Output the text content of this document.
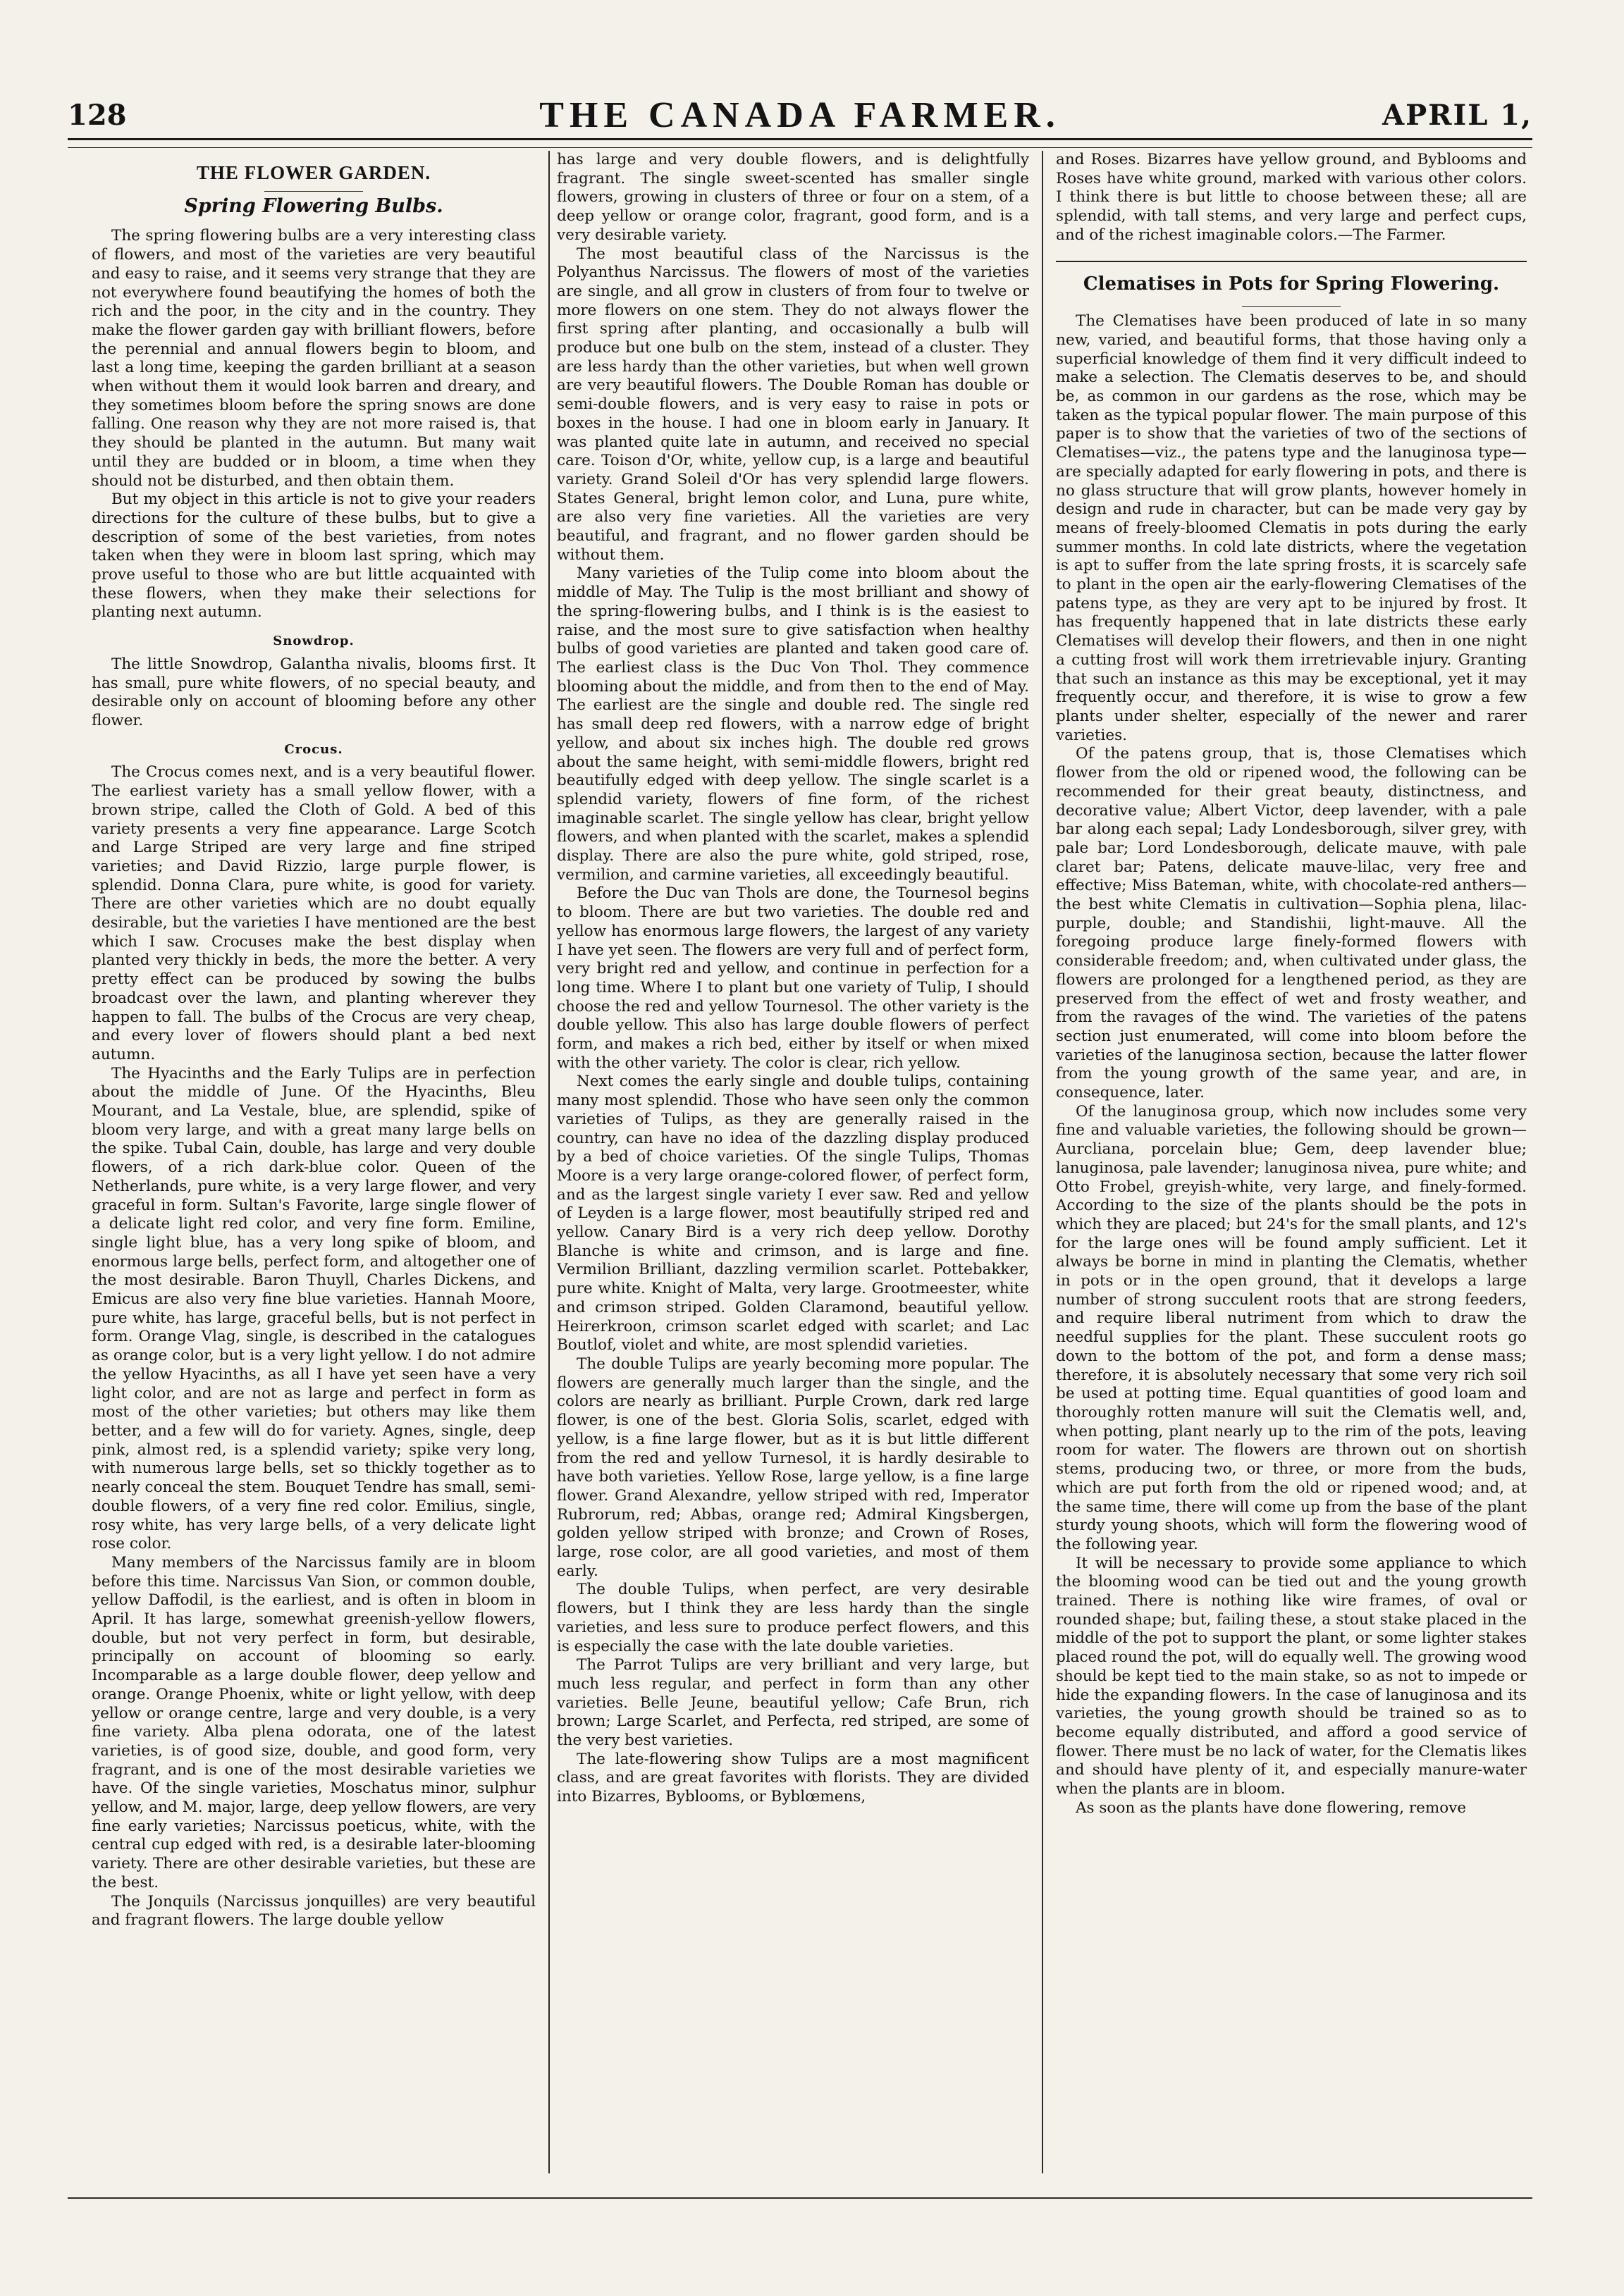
128	THE CANADA FARMER.	APRIL 1,
THE FLOWER GARDEN.
Spring Flowering Bulbs.

The spring flowering bulbs are a very interesting class of flowers, and most of the varieties are very beautiful and easy to raise, and it seems very strange that they are not everywhere found beautifying the homes of both the rich and the poor, in the city and in the country. They make the flower garden gay with brilliant flowers, before the perennial and annual flowers begin to bloom, and last a long time, keeping the garden brilliant at a season when without them it would look barren and dreary, and they sometimes bloom before the spring snows are done falling. One reason why they are not more raised is, that they should be planted in the autumn. But many wait until they are budded or in bloom, a time when they should not be disturbed, and then obtain them.

But my object in this article is not to give your readers directions for the culture of these bulbs, but to give a description of some of the best varieties, from notes taken when they were in bloom last spring, which may prove useful to those who are but little acquainted with these flowers, when they make their selections for planting next autumn.

Snowdrop.

The little Snowdrop, Galantha nivalis, blooms first. It has small, pure white flowers, of no special beauty, and desirable only on account of blooming before any other flower.

Crocus.

The Crocus comes next, and is a very beautiful flower. The earliest variety has a small yellow flower, with a brown stripe, called the Cloth of Gold. A bed of this variety presents a very fine appearance. Large Scotch and Large Striped are very large and fine striped varieties; and David Rizzio, large purple flower, is splendid. Donna Clara, pure white, is good for variety. There are other varieties which are no doubt equally desirable, but the varieties I have mentioned are the best which I saw. Crocuses make the best display when planted very thickly in beds, the more the better. A very pretty effect can be produced by sowing the bulbs broadcast over the lawn, and planting wherever they happen to fall. The bulbs of the Crocus are very cheap, and every lover of flowers should plant a bed next autumn.

The Hyacinths and the Early Tulips are in perfection about the middle of June. Of the Hyacinths, Bleu Mourant, and La Vestale, blue, are splendid, spike of bloom very large, and with a great many large bells on the spike. Tubal Cain, double, has large and very double flowers, of a rich dark-blue color. Queen of the Netherlands, pure white, is a very large flower, and very graceful in form. Sultan's Favorite, large single flower of a delicate light red color, and very fine form. Emiline, single light blue, has a very long spike of bloom, and enormous large bells, perfect form, and altogether one of the most desirable. Baron Thuyll, Charles Dickens, and Emicus are also very fine blue varieties. Hannah Moore, pure white, has large, graceful bells, but is not perfect in form. Orange Vlag, single, is described in the catalogues as orange color, but is a very light yellow. I do not admire the yellow Hyacinths, as all I have yet seen have a very light color, and are not as large and perfect in form as most of the other varieties; but others may like them better, and a few will do for variety. Agnes, single, deep pink, almost red, is a splendid variety; spike very long, with numerous large bells, set so thickly together as to nearly conceal the stem. Bouquet Tendre has small, semi-double flowers, of a very fine red color. Emilius, single, rosy white, has very large bells, of a very delicate light rose color.

Many members of the Narcissus family are in bloom before this time. Narcissus Van Sion, or common double, yellow Daffodil, is the earliest, and is often in bloom in April. It has large, somewhat greenish-yellow flowers, double, but not very perfect in form, but desirable, principally on account of blooming so early. Incomparable as a large double flower, deep yellow and orange. Orange Phoenix, white or light yellow, with deep yellow or orange centre, large and very double, is a very fine variety. Alba plena odorata, one of the latest varieties, is of good size, double, and good form, very fragrant, and is one of the most desirable varieties we have. Of the single varieties, Moschatus minor, sulphur yellow, and M. major, large, deep yellow flowers, are very fine early varieties; Narcissus poeticus, white, with the central cup edged with red, is a desirable later-blooming variety. There are other desirable varieties, but these are the best.

The Jonquils (Narcissus jonquilles) are very beautiful and fragrant flowers. The large double yellow

has large and very double flowers, and is delightfully fragrant. The single sweet-scented has smaller single flowers, growing in clusters of three or four on a stem, of a deep yellow or orange color, fragrant, good form, and is a very desirable variety.

The most beautiful class of the Narcissus is the Polyanthus Narcissus. The flowers of most of the varieties are single, and all grow in clusters of from four to twelve or more flowers on one stem. They do not always flower the first spring after planting, and occasionally a bulb will produce but one bulb on the stem, instead of a cluster. They are less hardy than the other varieties, but when well grown are very beautiful flowers. The Double Roman has double or semi-double flowers, and is very easy to raise in pots or boxes in the house. I had one in bloom early in January. It was planted quite late in autumn, and received no special care. Toison d'Or, white, yellow cup, is a large and beautiful variety. Grand Soleil d'Or has very splendid large flowers. States General, bright lemon color, and Luna, pure white, are also very fine varieties. All the varieties are very beautiful, and fragrant, and no flower garden should be without them.

Many varieties of the Tulip come into bloom about the middle of May. The Tulip is the most brilliant and showy of the spring-flowering bulbs, and I think is is the easiest to raise, and the most sure to give satisfaction when healthy bulbs of good varieties are planted and taken good care of. The earliest class is the Duc Von Thol. They commence blooming about the middle, and from then to the end of May. The earliest are the single and double red. The single red has small deep red flowers, with a narrow edge of bright yellow, and about six inches high. The double red grows about the same height, with semi-middle flowers, bright red beautifully edged with deep yellow. The single scarlet is a splendid variety, flowers of fine form, of the richest imaginable scarlet. The single yellow has clear, bright yellow flowers, and when planted with the scarlet, makes a splendid display. There are also the pure white, gold striped, rose, vermilion, and carmine varieties, all exceedingly beautiful.

Before the Duc van Thols are done, the Tournesol begins to bloom. There are but two varieties. The double red and yellow has enormous large flowers, the largest of any variety I have yet seen. The flowers are very full and of perfect form, very bright red and yellow, and continue in perfection for a long time. Where I to plant but one variety of Tulip, I should choose the red and yellow Tournesol. The other variety is the double yellow. This also has large double flowers of perfect form, and makes a rich bed, either by itself or when mixed with the other variety. The color is clear, rich yellow.

Next comes the early single and double tulips, containing many most splendid. Those who have seen only the common varieties of Tulips, as they are generally raised in the country, can have no idea of the dazzling display produced by a bed of choice varieties. Of the single Tulips, Thomas Moore is a very large orange-colored flower, of perfect form, and as the largest single variety I ever saw. Red and yellow of Leyden is a large flower, most beautifully striped red and yellow. Canary Bird is a very rich deep yellow. Dorothy Blanche is white and crimson, and is large and fine. Vermilion Brilliant, dazzling vermilion scarlet. Pottebakker, pure white. Knight of Malta, very large. Grootmeester, white and crimson striped. Golden Claramond, beautiful yellow. Heirerkroon, crimson scarlet edged with scarlet; and Lac Boutlof, violet and white, are most splendid varieties.

The double Tulips are yearly becoming more popular. The flowers are generally much larger than the single, and the colors are nearly as brilliant. Purple Crown, dark red large flower, is one of the best. Gloria Solis, scarlet, edged with yellow, is a fine large flower, but as it is but little different from the red and yellow Turnesol, it is hardly desirable to have both varieties. Yellow Rose, large yellow, is a fine large flower. Grand Alexandre, yellow striped with red, Imperator Rubrorum, red; Abbas, orange red; Admiral Kingsbergen, golden yellow striped with bronze; and Crown of Roses, large, rose color, are all good varieties, and most of them early.

The double Tulips, when perfect, are very desirable flowers, but I think they are less hardy than the single varieties, and less sure to produce perfect flowers, and this is especially the case with the late double varieties.

The Parrot Tulips are very brilliant and very large, but much less regular, and perfect in form than any other varieties. Belle Jeune, beautiful yellow; Cafe Brun, rich brown; Large Scarlet, and Perfecta, red striped, are some of the very best varieties.

The late-flowering show Tulips are a most magnificent class, and are great favorites with florists. They are divided into Bizarres, Byblooms, or Byblœmens,

and Roses. Bizarres have yellow ground, and Byblooms and Roses have white ground, marked with various other colors. I think there is but little to choose between these; all are splendid, with tall stems, and very large and perfect cups, and of the richest imaginable colors.—The Farmer.

Clematises in Pots for Spring Flowering.

The Clematises have been produced of late in so many new, varied, and beautiful forms, that those having only a superficial knowledge of them find it very difficult indeed to make a selection. The Clematis deserves to be, and should be, as common in our gardens as the rose, which may be taken as the typical popular flower. The main purpose of this paper is to show that the varieties of two of the sections of Clematises—viz., the patens type and the lanuginosa type—are specially adapted for early flowering in pots, and there is no glass structure that will grow plants, however homely in design and rude in character, but can be made very gay by means of freely-bloomed Clematis in pots during the early summer months. In cold late districts, where the vegetation is apt to suffer from the late spring frosts, it is scarcely safe to plant in the open air the early-flowering Clematises of the patens type, as they are very apt to be injured by frost. It has frequently happened that in late districts these early Clematises will develop their flowers, and then in one night a cutting frost will work them irretrievable injury. Granting that such an instance as this may be exceptional, yet it may frequently occur, and therefore, it is wise to grow a few plants under shelter, especially of the newer and rarer varieties.

Of the patens group, that is, those Clematises which flower from the old or ripened wood, the following can be recommended for their great beauty, distinctness, and decorative value; Albert Victor, deep lavender, with a pale bar along each sepal; Lady Londesborough, silver grey, with pale bar; Lord Londesborough, delicate mauve, with pale claret bar; Patens, delicate mauve-lilac, very free and effective; Miss Bateman, white, with chocolate-red anthers—the best white Clematis in cultivation—Sophia plena, lilac-purple, double; and Standishii, light-mauve. All the foregoing produce large finely-formed flowers with considerable freedom; and, when cultivated under glass, the flowers are prolonged for a lengthened period, as they are preserved from the effect of wet and frosty weather, and from the ravages of the wind. The varieties of the patens section just enumerated, will come into bloom before the varieties of the lanuginosa section, because the latter flower from the young growth of the same year, and are, in consequence, later.

Of the lanuginosa group, which now includes some very fine and valuable varieties, the following should be grown—Aurcliana, porcelain blue; Gem, deep lavender blue; lanuginosa, pale lavender; lanuginosa nivea, pure white; and Otto Frobel, greyish-white, very large, and finely-formed. According to the size of the plants should be the pots in which they are placed; but 24's for the small plants, and 12's for the large ones will be found amply sufficient. Let it always be borne in mind in planting the Clematis, whether in pots or in the open ground, that it develops a large number of strong succulent roots that are strong feeders, and require liberal nutriment from which to draw the needful supplies for the plant. These succulent roots go down to the bottom of the pot, and form a dense mass; therefore, it is absolutely necessary that some very rich soil be used at potting time. Equal quantities of good loam and thoroughly rotten manure will suit the Clematis well, and, when potting, plant nearly up to the rim of the pots, leaving room for water. The flowers are thrown out on shortish stems, producing two, or three, or more from the buds, which are put forth from the old or ripened wood; and, at the same time, there will come up from the base of the plant sturdy young shoots, which will form the flowering wood of the following year.

It will be necessary to provide some appliance to which the blooming wood can be tied out and the young growth trained. There is nothing like wire frames, of oval or rounded shape; but, failing these, a stout stake placed in the middle of the pot to support the plant, or some lighter stakes placed round the pot, will do equally well. The growing wood should be kept tied to the main stake, so as not to impede or hide the expanding flowers. In the case of lanuginosa and its varieties, the young growth should be trained so as to become equally distributed, and afford a good service of flower. There must be no lack of water, for the Clematis likes and should have plenty of it, and especially manure-water when the plants are in bloom.

As soon as the plants have done flowering, remove
